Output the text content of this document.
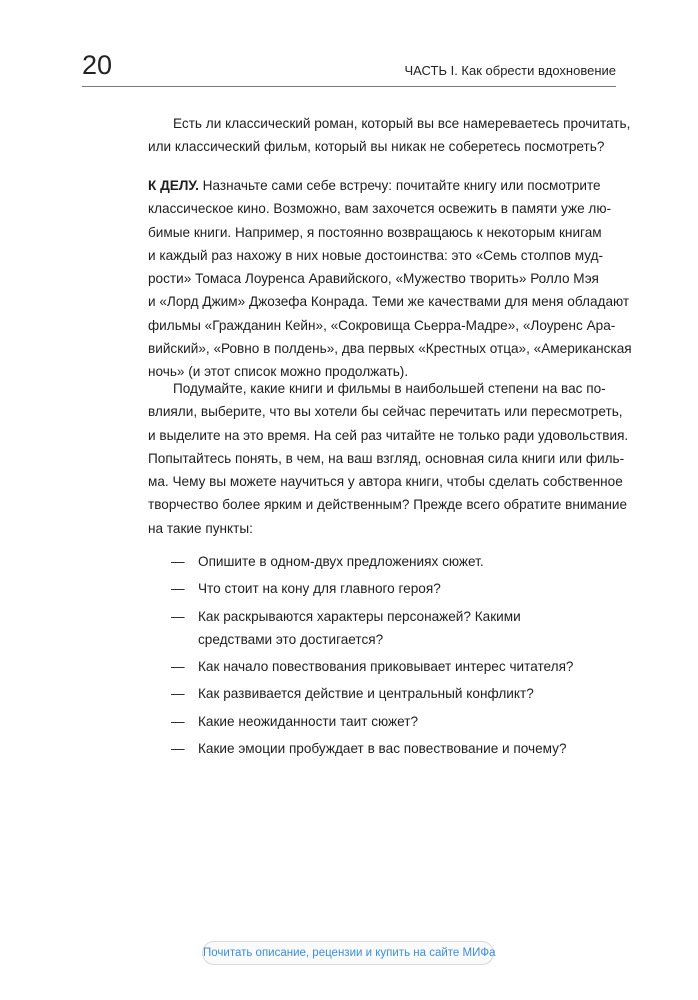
20	ЧАСТЬ I. Как обрести вдохновение

Есть ли классический роман, который вы все намереваетесь прочитать,
или классический фильм, который вы никак не соберетесь посмотреть?

К ДЕЛУ. Назначьте сами себе встречу: почитайте книгу или посмотрите
классическое кино. Возможно, вам захочется освежить в памяти уже лю-
бимые книги. Например, я постоянно возвращаюсь к некоторым книгам
и каждый раз нахожу в них новые достоинства: это «Семь столпов муд-
рости» Томаса Лоуренса Аравийского, «Мужество творить» Ролло Мэя
и «Лорд Джим» Джозефа Конрада. Теми же качествами для меня обладают
фильмы «Гражданин Кейн», «Сокровища Сьерра-Мадре», «Лоуренс Ара-
вийский», «Ровно в полдень», два первых «Крестных отца», «Американская
ночь» (и этот список можно продолжать).

Подумайте, какие книги и фильмы в наибольшей степени на вас по-
влияли, выберите, что вы хотели бы сейчас перечитать или пересмотреть,
и выделите на это время. На сей раз читайте не только ради удовольствия.
Попытайтесь понять, в чем, на ваш взгляд, основная сила книги или филь-
ма. Чему вы можете научиться у автора книги, чтобы сделать собственное
творчество более ярким и действенным? Прежде всего обратите внимание
на такие пункты:

— Опишите в одном-двух предложениях сюжет.
— Что стоит на кону для главного героя?
— Как раскрываются характеры персонажей? Какими средствами это достигается?
— Как начало повествования приковывает интерес читателя?
— Как развивается действие и центральный конфликт?
— Какие неожиданности таит сюжет?
— Какие эмоции пробуждает в вас повествование и почему?
Почитать описание, рецензии и купить на сайте МИФа
